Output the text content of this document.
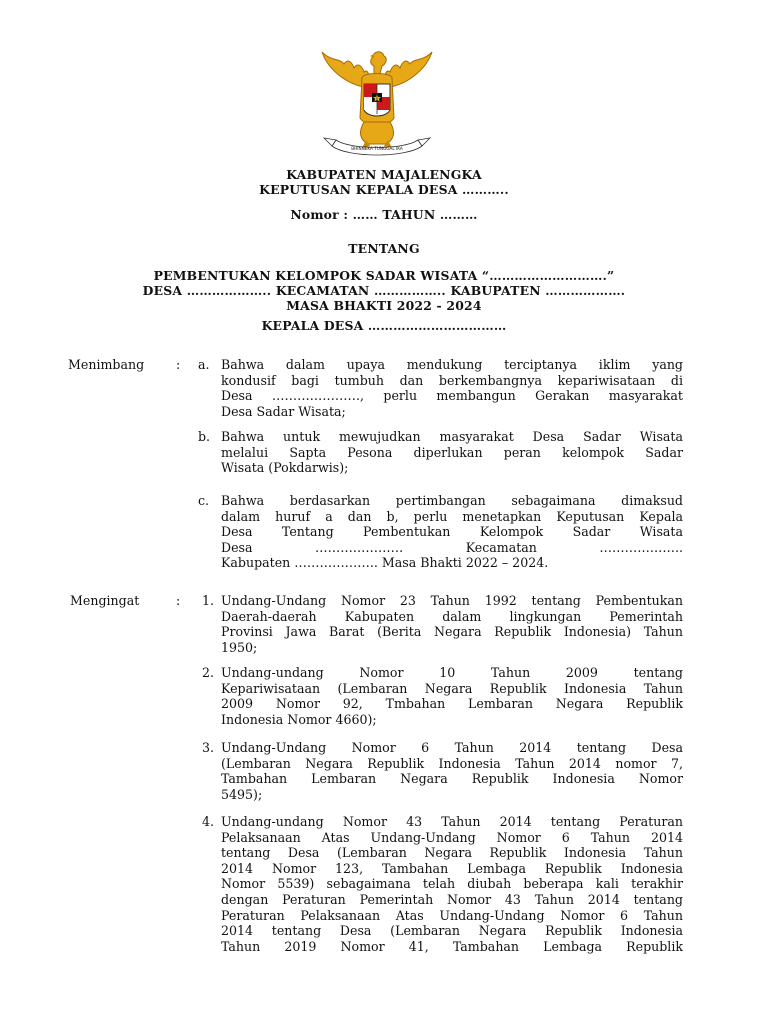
BHINNEKA TUNGGAL IKA
KABUPATEN MAJALENGKA
KEPUTUSAN KEPALA DESA ………..
Nomor : …… TAHUN ………
TENTANG
PEMBENTUKAN KELOMPOK SADAR WISATA “……………………….”
DESA ……………….. KECAMATAN …………….. KABUPATEN ……………….
MASA BHAKTI 2022 - 2024
KEPALA DESA ……………………………
Menimbang	: a. Bahwa dalam upaya mendukung terciptanya iklim yang
kondusif bagi tumbuh dan berkembangnya kepariwisataan di
Desa …………………, perlu membangun Gerakan masyarakat
Desa Sadar Wisata;
b. Bahwa untuk mewujudkan masyarakat Desa Sadar Wisata
melalui Sapta Pesona diperlukan peran kelompok Sadar
Wisata (Pokdarwis);
c. Bahwa berdasarkan pertimbangan sebagaimana dimaksud
dalam huruf a dan b, perlu menetapkan Keputusan Kepala
Desa Tentang Pembentukan Kelompok Sadar Wisata
Desa ………………… Kecamatan ………………..
Kabupaten ……………….. Masa Bhakti 2022 – 2024.
Mengingat	: 1. Undang-Undang Nomor 23 Tahun 1992 tentang Pembentukan
Daerah-daerah Kabupaten dalam lingkungan Pemerintah
Provinsi Jawa Barat (Berita Negara Republik Indonesia) Tahun
1950;
2. Undang-undang Nomor 10 Tahun 2009 tentang
Kepariwisataan (Lembaran Negara Republik Indonesia Tahun
2009 Nomor 92, Tmbahan Lembaran Negara Republik
Indonesia Nomor 4660);
3. Undang-Undang Nomor 6 Tahun 2014 tentang Desa
(Lembaran Negara Republik Indonesia Tahun 2014 nomor 7,
Tambahan Lembaran Negara Republik Indonesia Nomor
5495);
4. Undang-undang Nomor 43 Tahun 2014 tentang Peraturan
Pelaksanaan Atas Undang-Undang Nomor 6 Tahun 2014
tentang Desa (Lembaran Negara Republik Indonesia Tahun
2014 Nomor 123, Tambahan Lembaga Republik Indonesia
Nomor 5539) sebagaimana telah diubah beberapa kali terakhir
dengan Peraturan Pemerintah Nomor 43 Tahun 2014 tentang
Peraturan Pelaksanaan Atas Undang-Undang Nomor 6 Tahun
2014 tentang Desa (Lembaran Negara Republik Indonesia
Tahun 2019 Nomor 41, Tambahan Lembaga Republik
